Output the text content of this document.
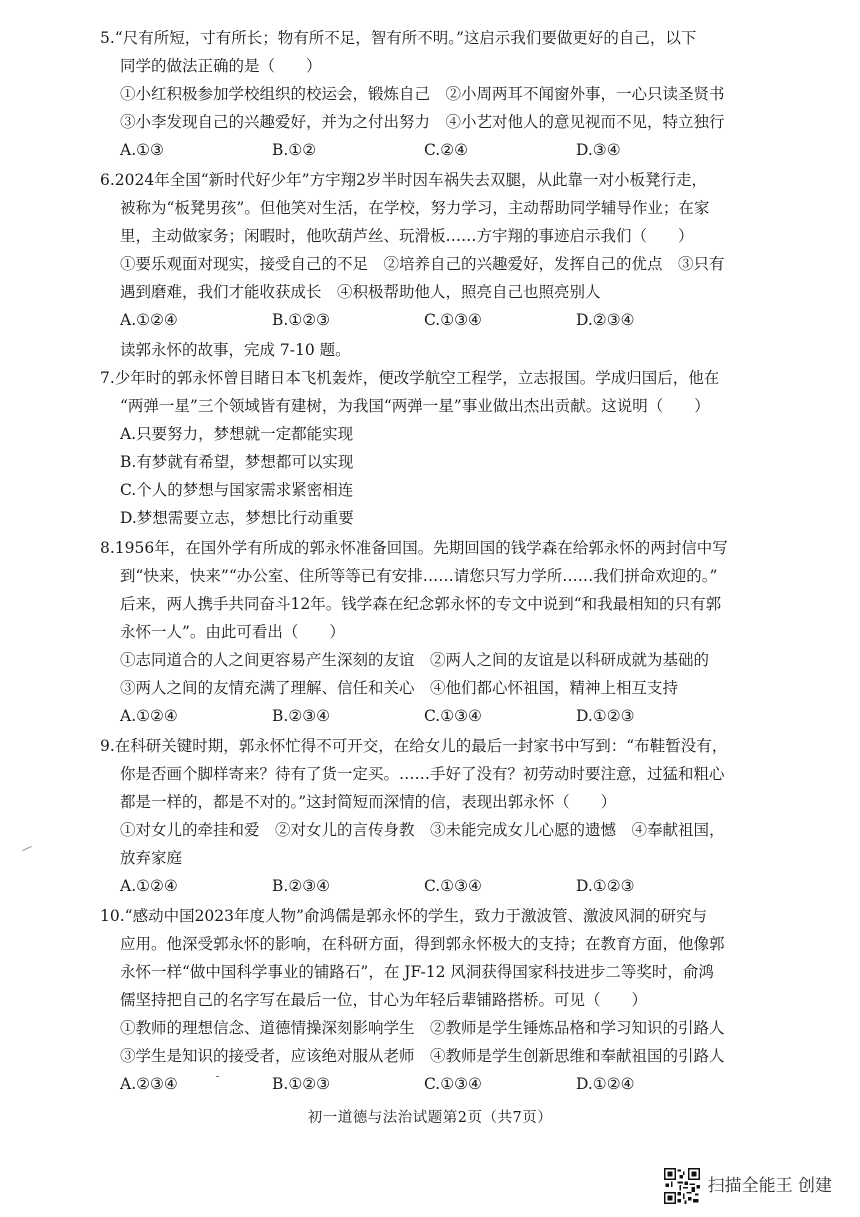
5.“尺有所短，寸有所长；物有所不足，智有所不明。”这启示我们要做更好的自己，以下
同学的做法正确的是（　　）
①小红积极参加学校组织的校运会，锻炼自己　②小周两耳不闻窗外事，一心只读圣贤书
③小李发现自己的兴趣爱好，并为之付出努力　④小艺对他人的意见视而不见，特立独行
A.①③	B.①②	C.②④	D.③④
6.2024年全国“新时代好少年”方宇翔2岁半时因车祸失去双腿，从此靠一对小板凳行走，
被称为“板凳男孩”。但他笑对生活，在学校，努力学习，主动帮助同学辅导作业；在家
里，主动做家务；闲暇时，他吹葫芦丝、玩滑板……方宇翔的事迹启示我们（　　）
①要乐观面对现实，接受自己的不足　②培养自己的兴趣爱好，发挥自己的优点　③只有
遇到磨难，我们才能收获成长　④积极帮助他人，照亮自己也照亮别人
A.①②④	B.①②③	C.①③④	D.②③④
读郭永怀的故事，完成 7-10 题。
7.少年时的郭永怀曾目睹日本飞机轰炸，便改学航空工程学，立志报国。学成归国后，他在
“两弹一星”三个领域皆有建树，为我国“两弹一星”事业做出杰出贡献。这说明（　　）
A.只要努力，梦想就一定都能实现
B.有梦就有希望，梦想都可以实现
C.个人的梦想与国家需求紧密相连
D.梦想需要立志，梦想比行动重要
8.1956年，在国外学有所成的郭永怀准备回国。先期回国的钱学森在给郭永怀的两封信中写
到“快来，快来”“办公室、住所等等已有安排……请您只写力学所……我们拼命欢迎的。”
后来，两人携手共同奋斗12年。钱学森在纪念郭永怀的专文中说到“和我最相知的只有郭
永怀一人”。由此可看出（　　）
①志同道合的人之间更容易产生深刻的友谊　②两人之间的友谊是以科研成就为基础的
③两人之间的友情充满了理解、信任和关心　④他们都心怀祖国，精神上相互支持
A.①②④	B.②③④	C.①③④	D.①②③
9.在科研关键时期，郭永怀忙得不可开交，在给女儿的最后一封家书中写到：“布鞋暂没有，
你是否画个脚样寄来？待有了货一定买。……手好了没有？初劳动时要注意，过猛和粗心
都是一样的，都是不对的。”这封简短而深情的信，表现出郭永怀（　　）
①对女儿的牵挂和爱　②对女儿的言传身教　③未能完成女儿心愿的遗憾　④奉献祖国，
放弃家庭
A.①②④	B.②③④	C.①③④	D.①②③
10.“感动中国2023年度人物”俞鸿儒是郭永怀的学生，致力于激波管、激波风洞的研究与
应用。他深受郭永怀的影响，在科研方面，得到郭永怀极大的支持；在教育方面，他像郭
永怀一样“做中国科学事业的铺路石”，在 JF-12 风洞获得国家科技进步二等奖时，俞鸿
儒坚持把自己的名字写在最后一位，甘心为年轻后辈铺路搭桥。可见（　　）
①教师的理想信念、道德情操深刻影响学生　②教师是学生锤炼品格和学习知识的引路人
③学生是知识的接受者，应该绝对服从老师　④教师是学生创新思维和奉献祖国的引路人
A.②③④	B.①②③	C.①③④	D.①②④
初一道德与法治试题第2页（共7页）
扫描全能王 创建
